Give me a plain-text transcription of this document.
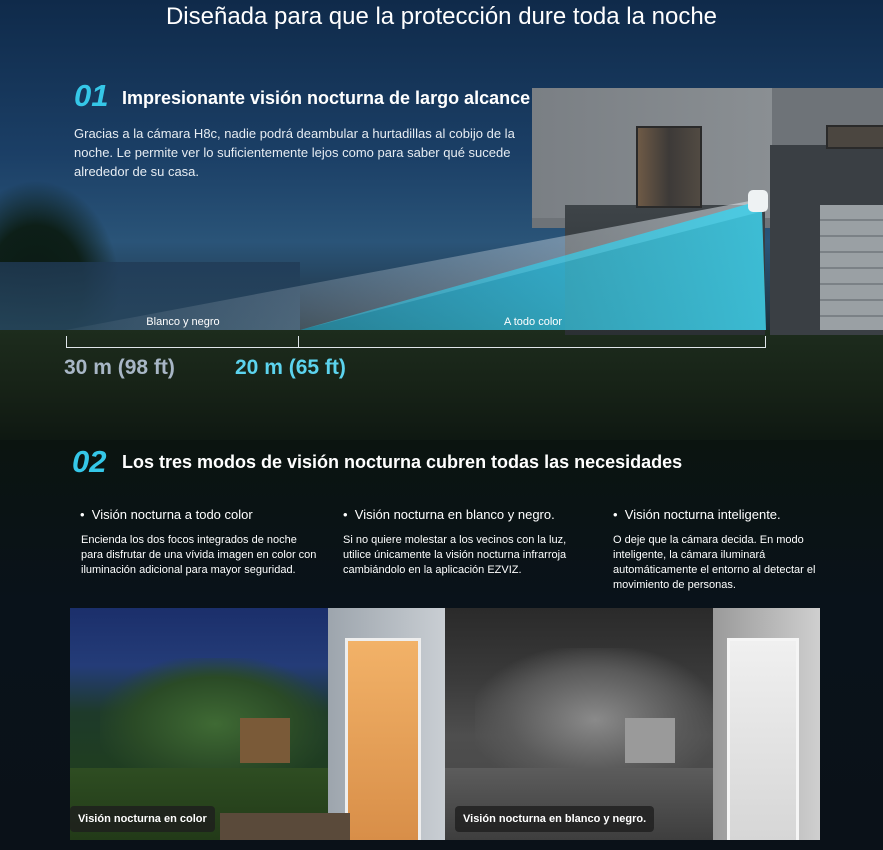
Diseñada para que la protección dure toda la noche
01 Impresionante visión nocturna de largo alcance
Gracias a la cámara H8c, nadie podrá deambular a hurtadillas al cobijo de la noche. Le permite ver lo suficientemente lejos como para saber qué sucede alrededor de su casa.
Blanco y negro	A todo color
30 m (98 ft)	20 m (65 ft)
02 Los tres modos de visión nocturna cubren todas las necesidades
•  Visión nocturna a todo color
Encienda los dos focos integrados de noche para disfrutar de una vívida imagen en color con iluminación adicional para mayor seguridad.
•  Visión nocturna en blanco y negro.
Si no quiere molestar a los vecinos con la luz, utilice únicamente la visión nocturna infrarroja cambiándolo en la aplicación EZVIZ.
•  Visión nocturna inteligente.
O deje que la cámara decida. En modo inteligente, la cámara iluminará automáticamente el entorno al detectar el movimiento de personas.
Visión nocturna en color	Visión nocturna en blanco y negro.
